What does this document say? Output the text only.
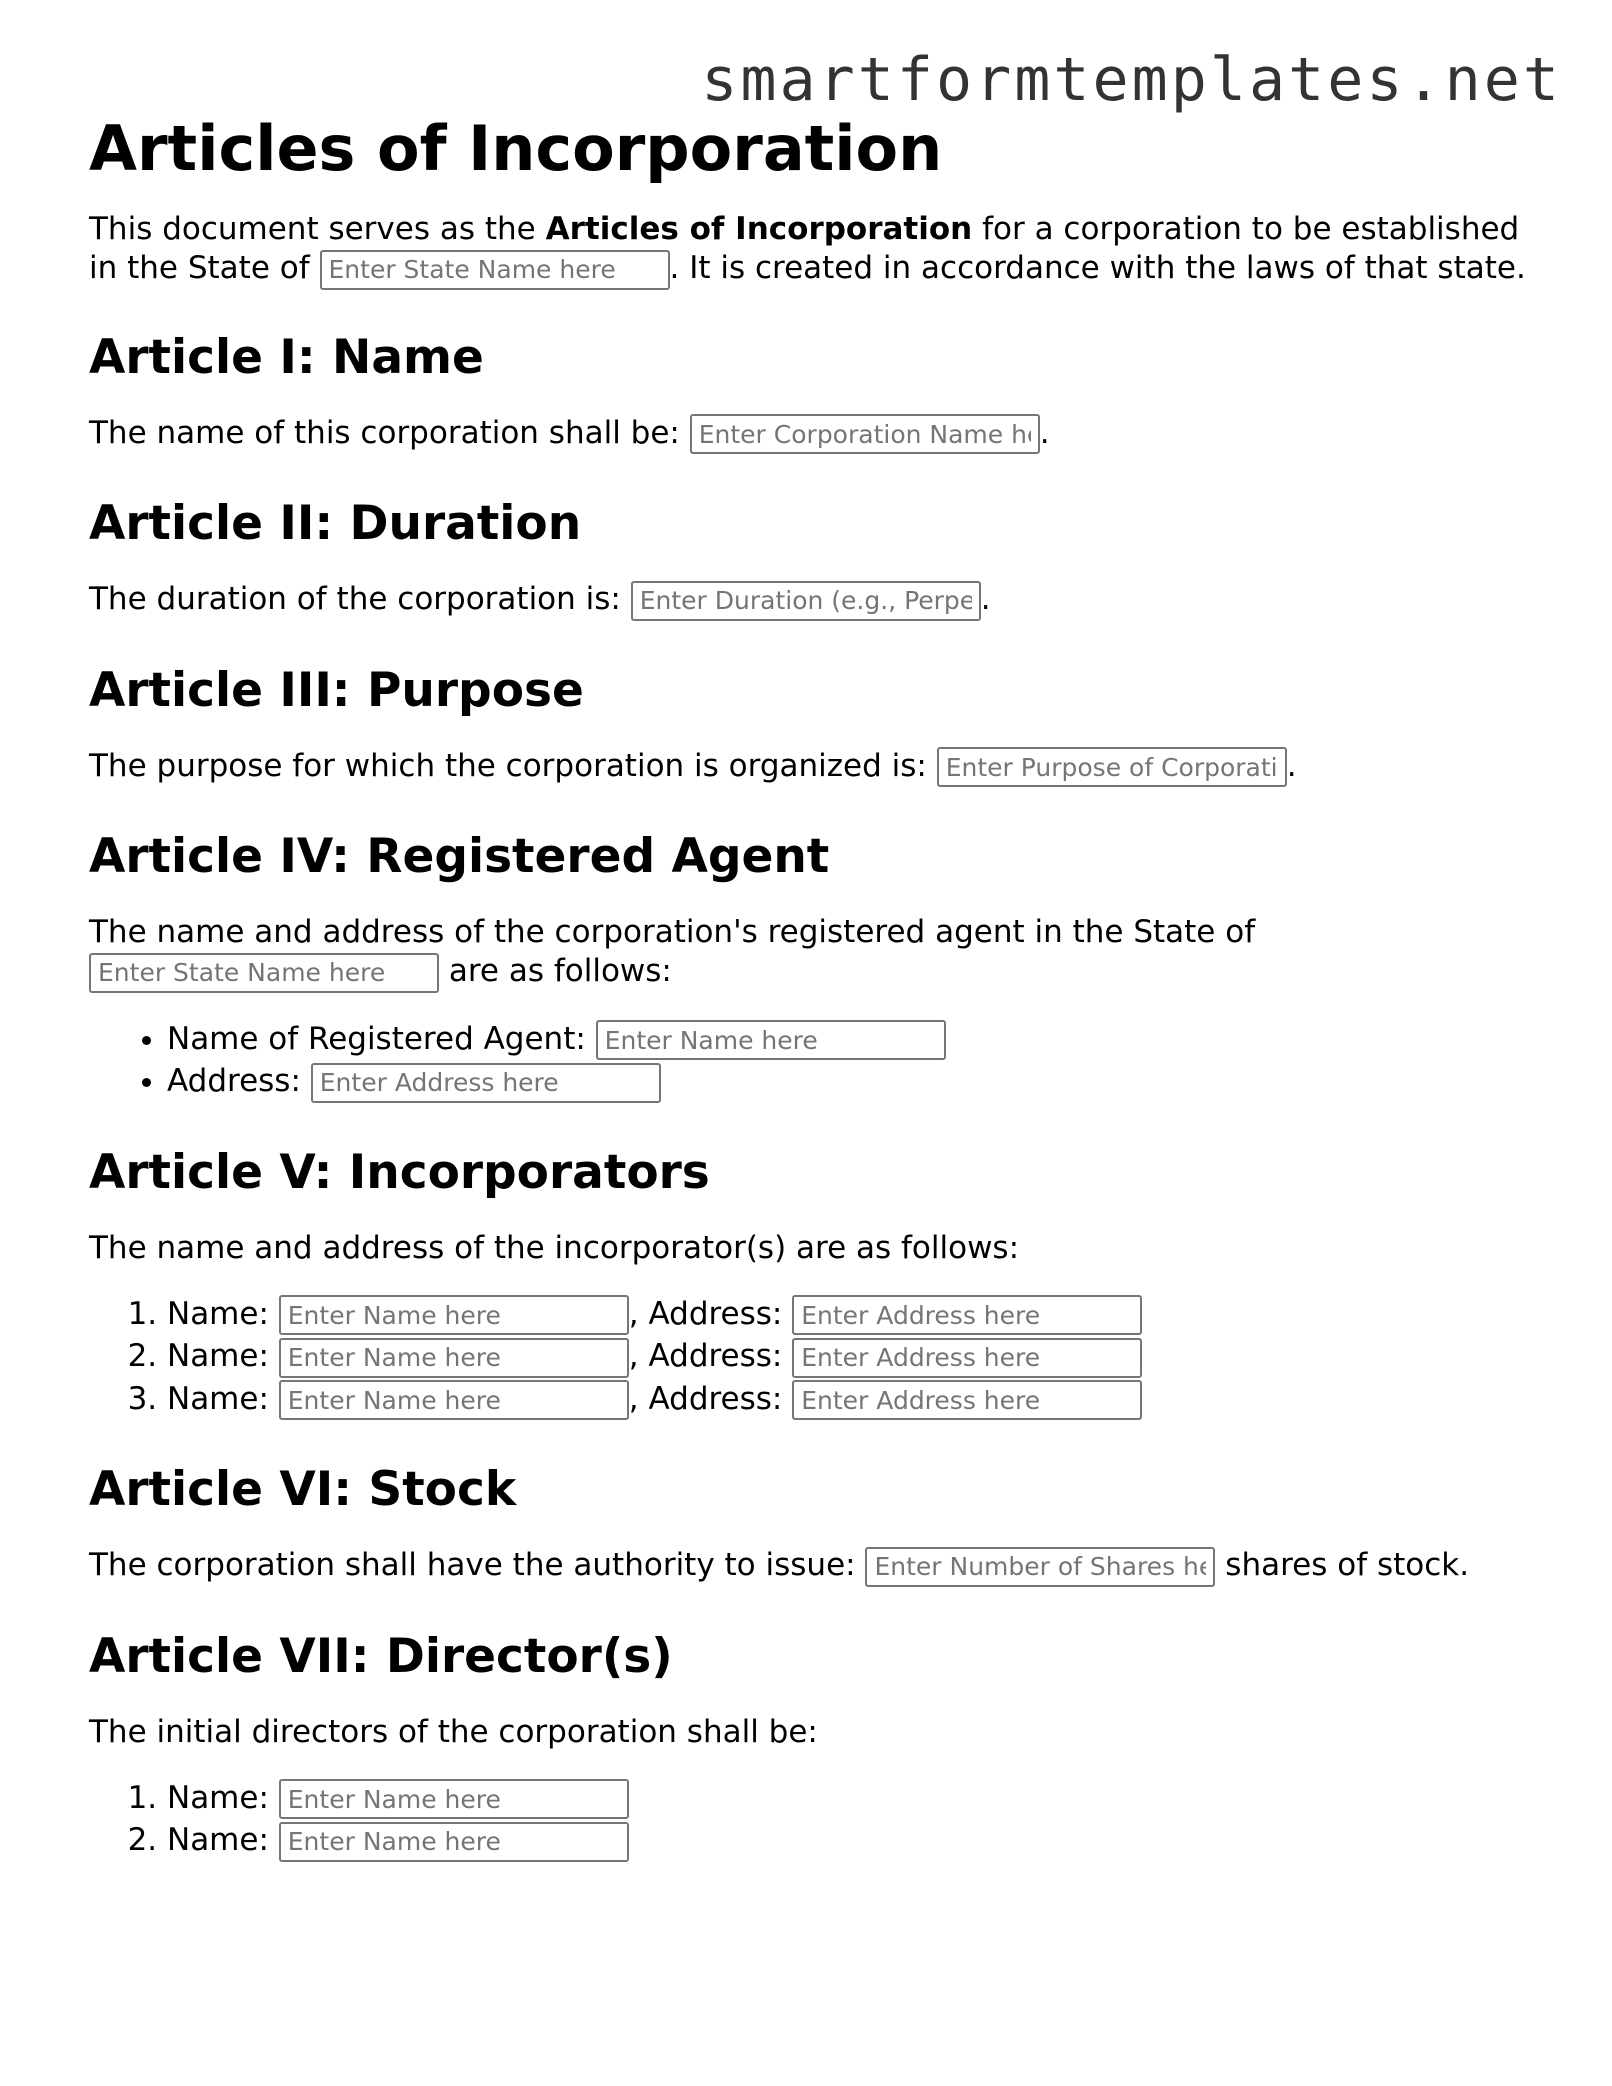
smartformtemplates.net
Articles of Incorporation

This document serves as the Articles of Incorporation for a corporation to be established in the State of Enter State Name here	. It is created in accordance with the laws of that state.

Article I: Name

The name of this corporation shall be: Enter Corporation Name here	.

Article II: Duration

The duration of the corporation is: Enter Duration (e.g., Perpetual)	.

Article III: Purpose

The purpose for which the corporation is organized is: Enter Purpose of Corporation	.

Article IV: Registered Agent

The name and address of the corporation's registered agent in the State of Enter State Name here are as follows:

• Name of Registered Agent: Enter Name here
• Address: Enter Address here
Article V: Incorporators

The name and address of the incorporator(s) are as follows:

1. Name: Enter Name here	, Address: Enter Address here
2. Name: Enter Name here	, Address: Enter Address here
3. Name: Enter Name here	, Address: Enter Address here
Article VI: Stock

The corporation shall have the authority to issue: Enter Number of Shares here	shares of stock.

Article VII: Director(s)

The initial directors of the corporation shall be:

1. Name: Enter Name here
2. Name: Enter Name here
